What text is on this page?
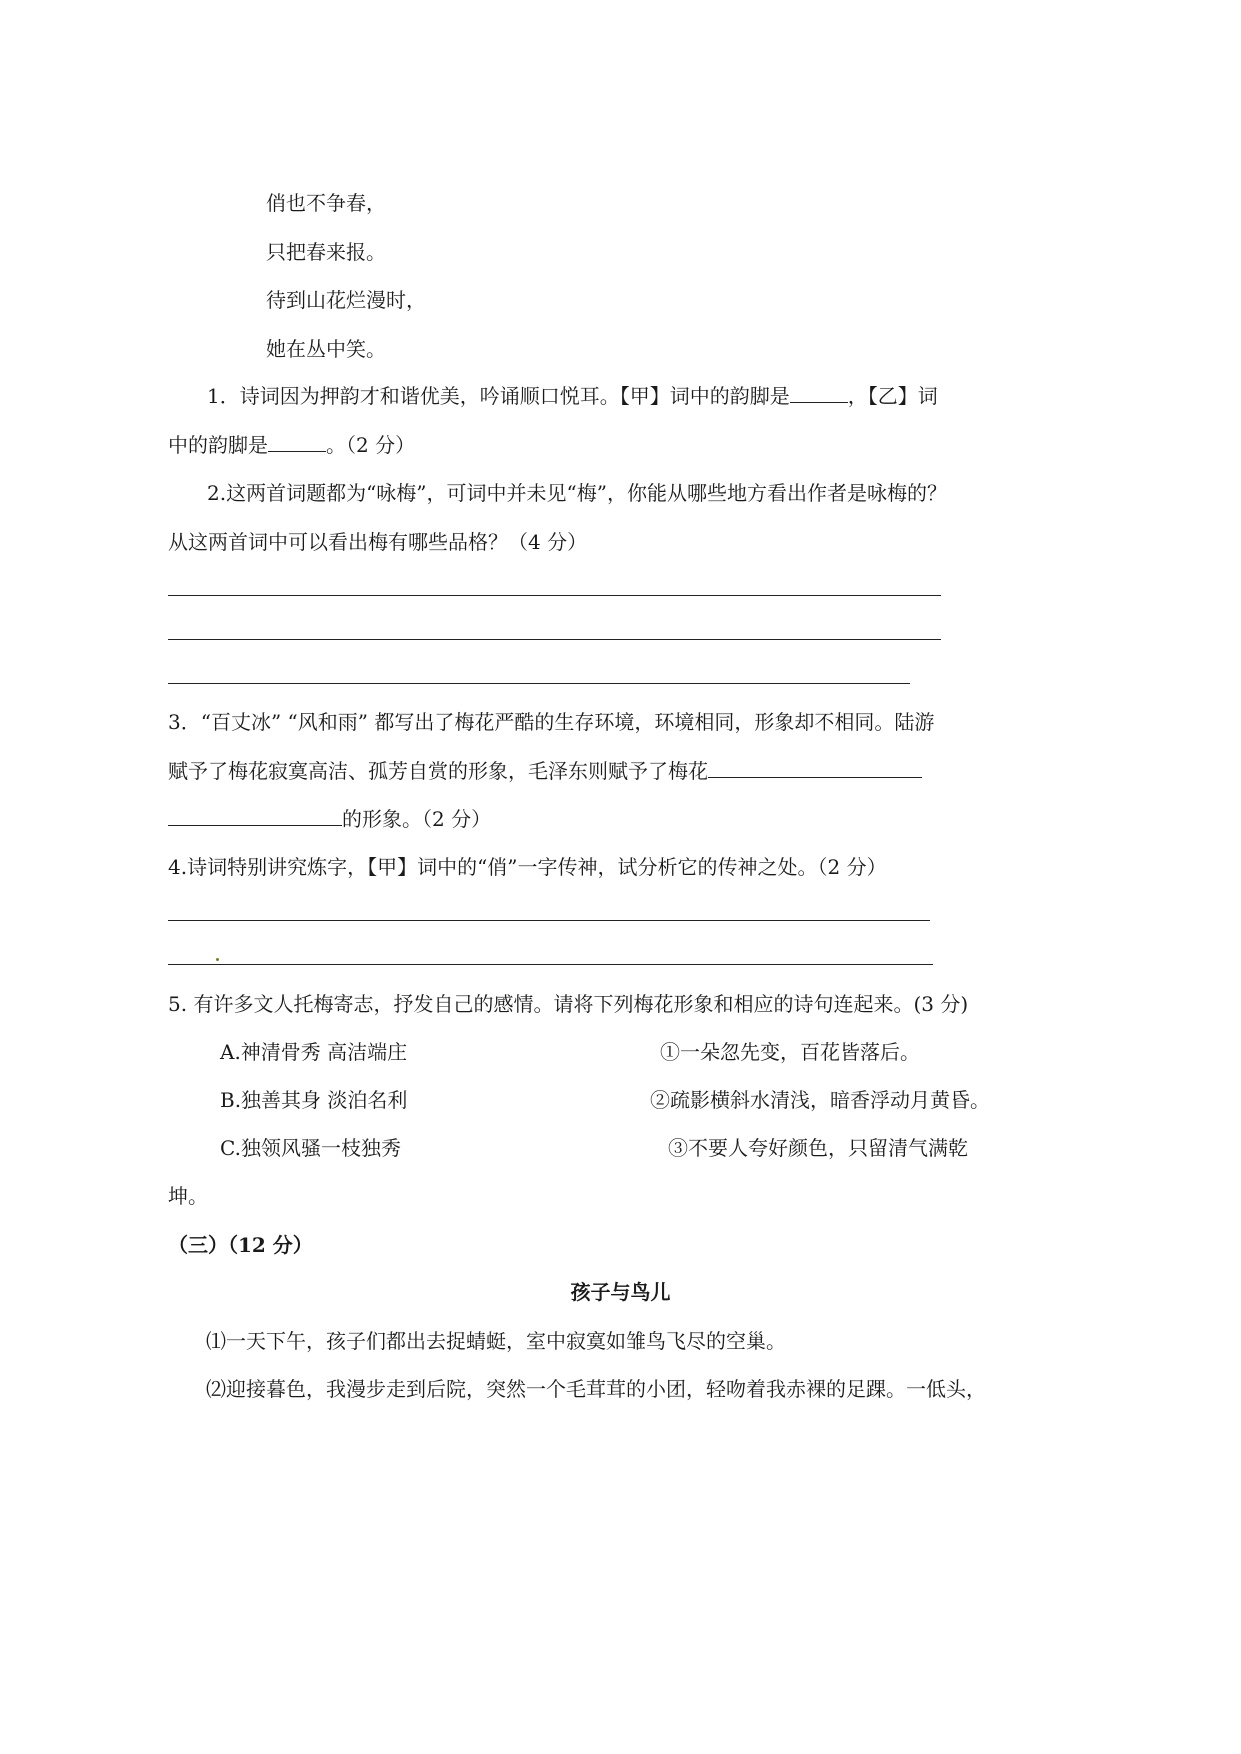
俏也不争春，
只把春来报。
待到山花烂漫时，
她在丛中笑。
1．诗词因为押韵才和谐优美，吟诵顺口悦耳。【甲】词中的韵脚是	，【乙】词
中的韵脚是	。（2 分）
2.这两首词题都为“咏梅”，可词中并未见“梅”，你能从哪些地方看出作者是咏梅的？
从这两首词中可以看出梅有哪些品格？（4 分）
3．“百丈冰” “风和雨” 都写出了梅花严酷的生存环境，环境相同，形象却不相同。陆游
赋予了梅花寂寞高洁、孤芳自赏的形象，毛泽东则赋予了梅花
的形象。（2 分）
4.诗词特别讲究炼字，【甲】词中的“俏”一字传神，试分析它的传神之处。（2 分）
5. 有许多文人托梅寄志，抒发自己的感情。请将下列梅花形象和相应的诗句连起来。(3 分)
A.神清骨秀 高洁端庄	①一朵忽先变，百花皆落后。
B.独善其身 淡泊名利	②疏影横斜水清浅，暗香浮动月黄昏。
C.独领风骚一枝独秀	③不要人夸好颜色，只留清气满乾
坤。
（三）（12 分）
孩子与鸟儿
⑴一天下午，孩子们都出去捉蜻蜓，室中寂寞如雏鸟飞尽的空巢。
⑵迎接暮色，我漫步走到后院，突然一个毛茸茸的小团，轻吻着我赤裸的足踝。一低头，
